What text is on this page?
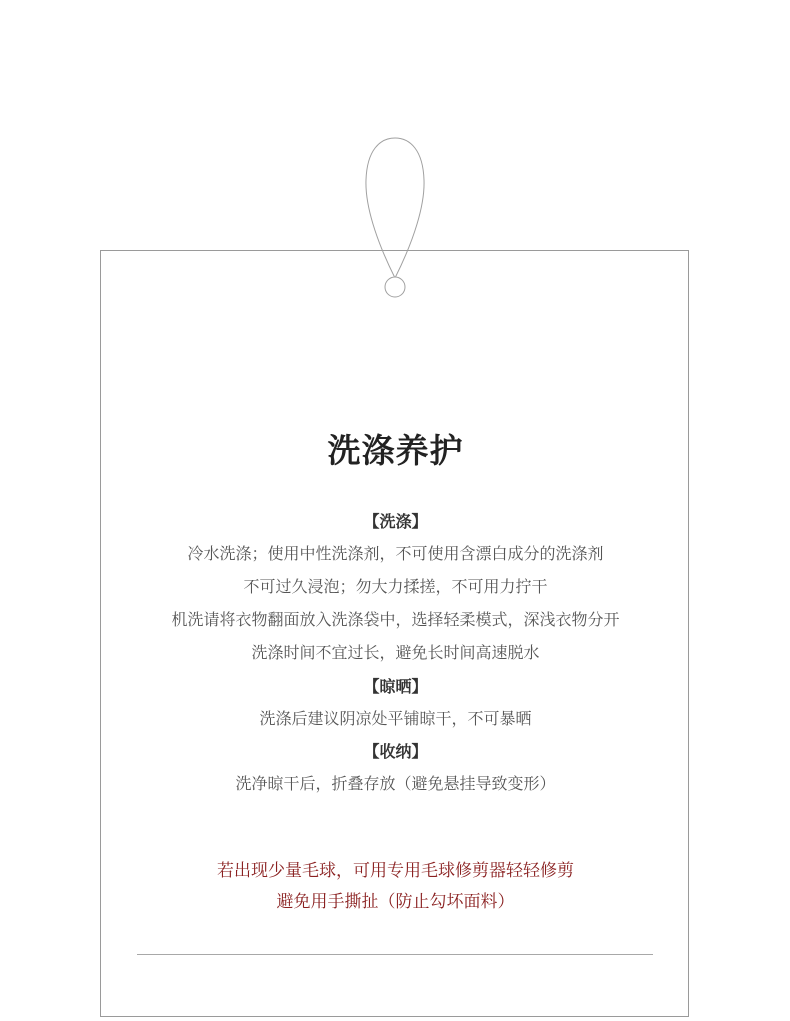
洗涤养护
【洗涤】
冷水洗涤；使用中性洗涤剂，不可使用含漂白成分的洗涤剂
不可过久浸泡；勿大力揉搓，不可用力拧干
机洗请将衣物翻面放入洗涤袋中，选择轻柔模式，深浅衣物分开
洗涤时间不宜过长，避免长时间高速脱水
【晾晒】
洗涤后建议阴凉处平铺晾干，不可暴晒
【收纳】
洗净晾干后，折叠存放（避免悬挂导致变形）
若出现少量毛球，可用专用毛球修剪器轻轻修剪
避免用手撕扯（防止勾坏面料）
